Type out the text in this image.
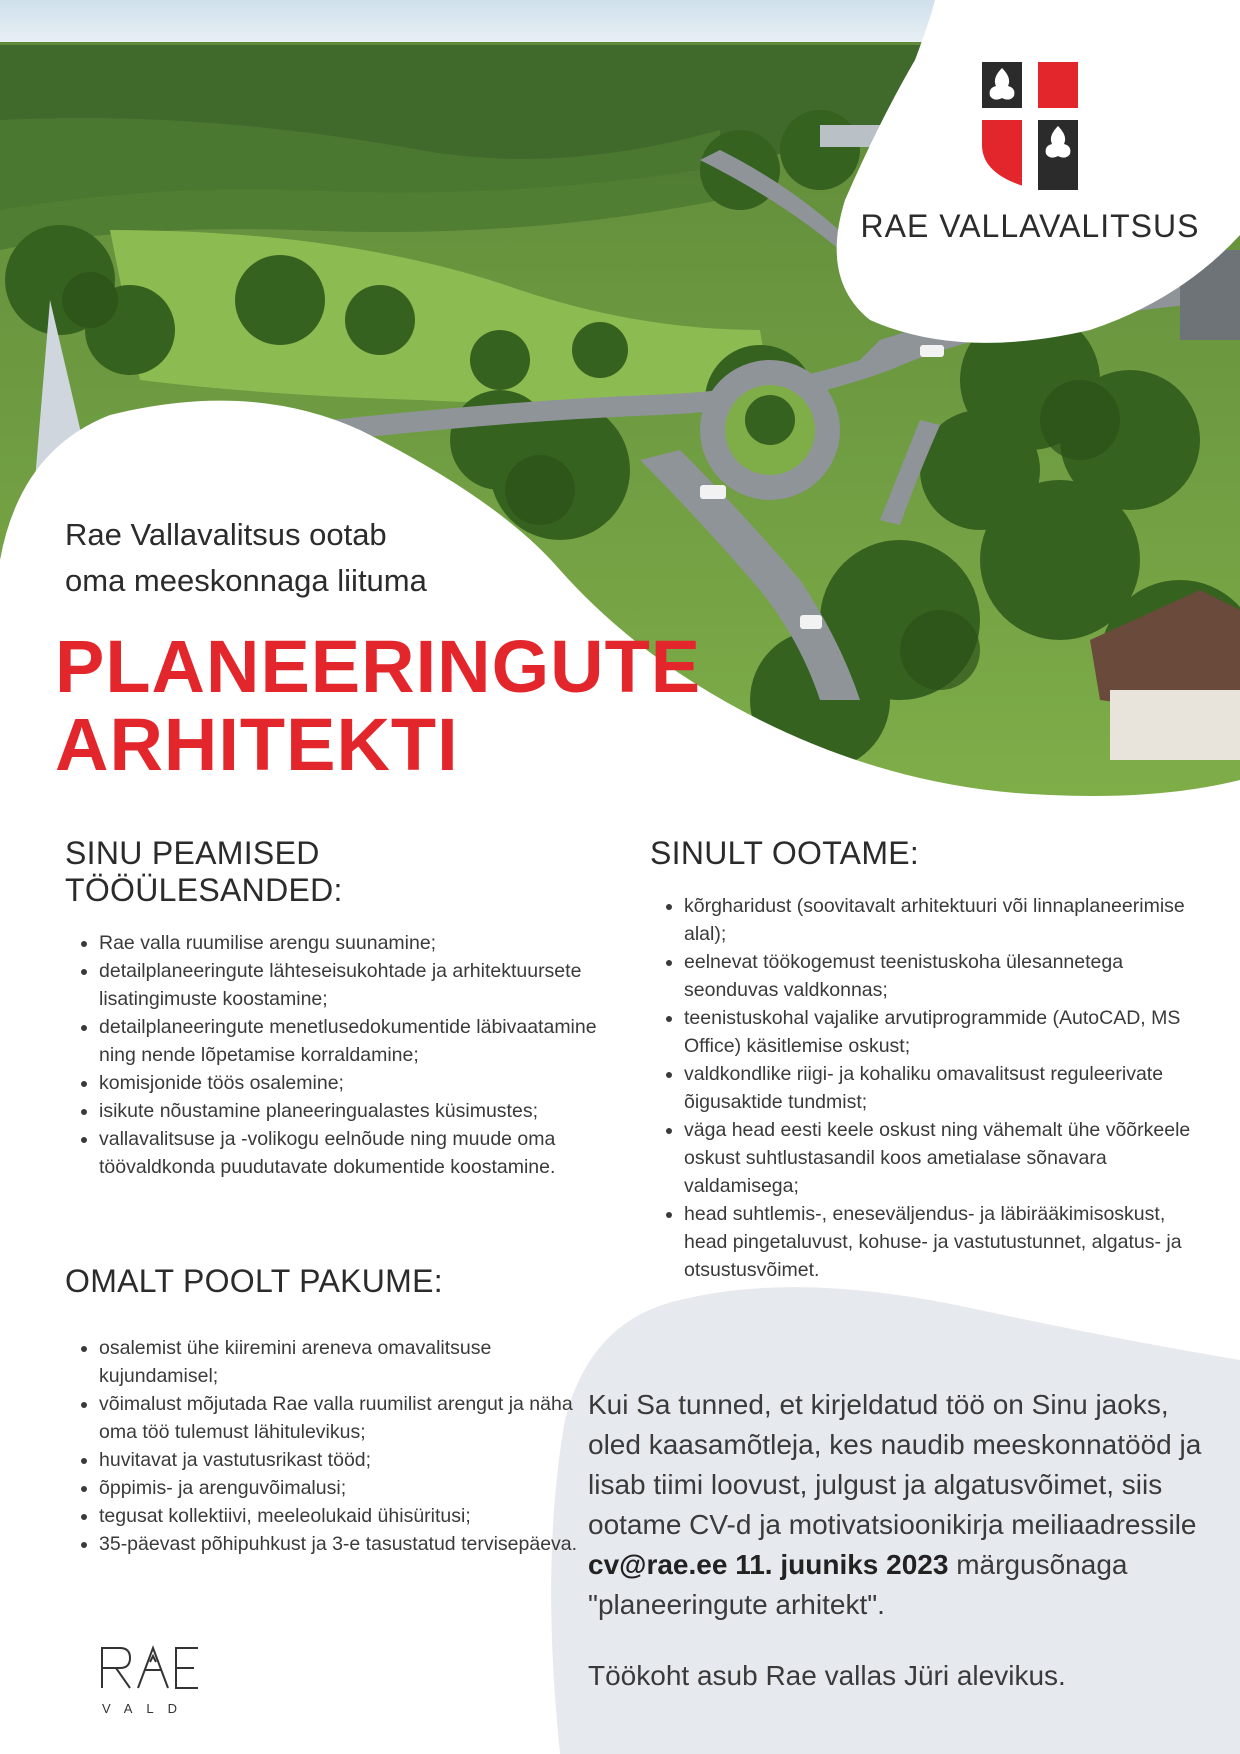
RAE VALLAVALITSUS
Rae Vallavalitsus ootab
oma meeskonnaga liituma
PLANEERINGUTE
ARHITEKTI
SINU PEAMISED TÖÖÜLESANDED:
• Rae valla ruumilise arengu suunamine;
• detailplaneeringute lähteseisukohtade ja arhitektuursete lisatingimuste koostamine;
• detailplaneeringute menetlusedokumentide läbivaatamine ning nende lõpetamise korraldamine;
• komisjonide töös osalemine;
• isikute nõustamine planeeringualastes küsimustes;
• vallavalitsuse ja -volikogu eelnõude ning muude oma töövaldkonda puudutavate dokumentide koostamine.
SINULT OOTAME:
• kõrgharidust (soovitavalt arhitektuuri või linnaplaneerimise alal);
• eelnevat töökogemust teenistuskoha ülesannetega seonduvas valdkonnas;
• teenistuskohal vajalike arvutiprogrammide (AutoCAD, MS Office) käsitlemise oskust;
• valdkondlike riigi- ja kohaliku omavalitsust reguleerivate õigusaktide tundmist;
• väga head eesti keele oskust ning vähemalt ühe võõrkeele oskust suhtlustasandil koos ametialase sõnavara valdamisega;
• head suhtlemis-, eneseväljendus- ja läbirääkimisoskust, head pingetaluvust, kohuse- ja vastutustunnet, algatus- ja otsustusvõimet.
OMALT POOLT PAKUME:
• osalemist ühe kiiremini areneva omavalitsuse kujundamisel;
• võimalust mõjutada Rae valla ruumilist arengut ja näha oma töö tulemust lähitulevikus;
• huvitavat ja vastutusrikast tööd;
• õppimis- ja arenguvõimalusi;
• tegusat kollektiivi, meeleolukaid ühisüritusi;
• 35-päevast põhipuhkust ja 3-e tasustatud tervisepäeva.
Kui Sa tunned, et kirjeldatud töö on Sinu jaoks, oled kaasamõtleja, kes naudib meeskonnatööd ja lisab tiimi loovust, julgust ja algatusvõimet, siis ootame CV-d ja motivatsioonikirja meiliaadressile cv@rae.ee 11. juuniks 2023 märgusõnaga "planeeringute arhitekt".
Töökoht asub Rae vallas Jüri alevikus.
VALD
